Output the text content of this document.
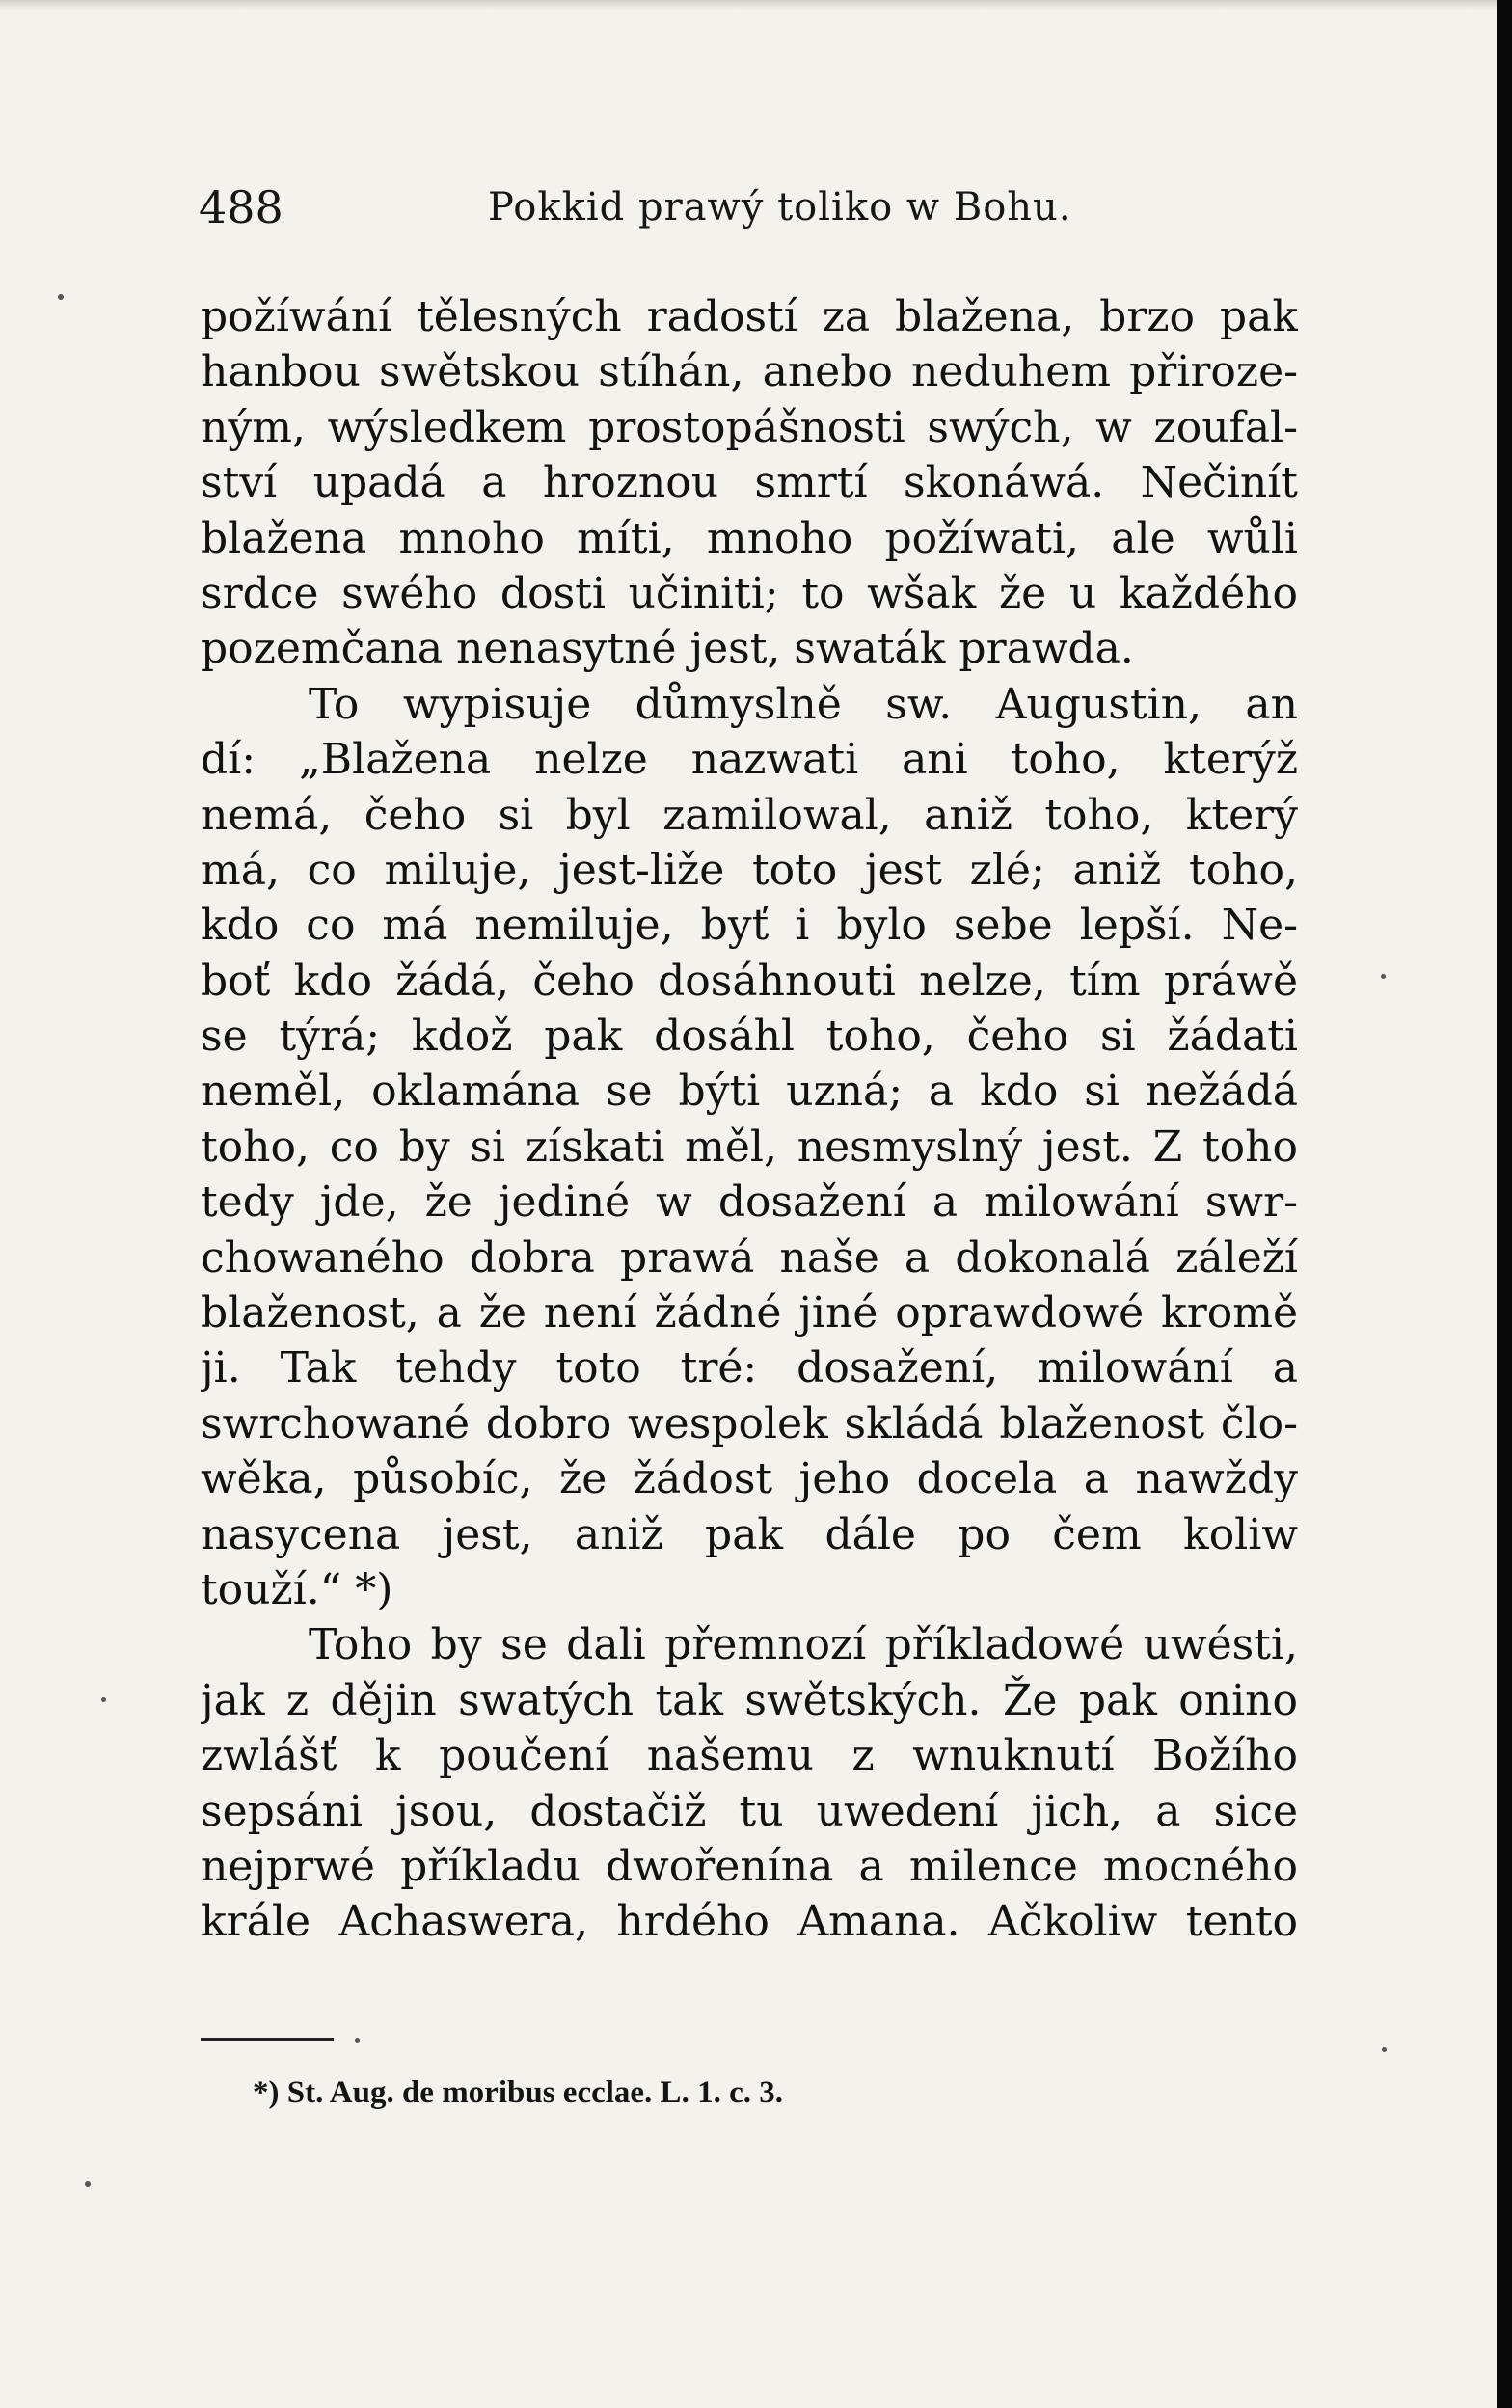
488	Pokkid prawý toliko w Bohu.
požíwání tělesných radostí za blažena, brzo pak
hanbou swětskou stíhán, anebo neduhem přiroze-
ným, wýsledkem prostopášnosti swých, w zoufal-
ství upadá a hroznou smrtí skonáwá. Nečinít
blažena mnoho míti, mnoho požíwati, ale wůli
srdce swého dosti učiniti; to wšak že u každého
pozemčana nenasytné jest, swaták prawda.
To wypisuje důmyslně sw. Augustin, an
dí: „Blažena nelze nazwati ani toho, kterýž
nemá, čeho si byl zamilowal, aniž toho, který
má, co miluje, jest-liže toto jest zlé; aniž toho,
kdo co má nemiluje, byť i bylo sebe lepší. Ne-
boť kdo žádá, čeho dosáhnouti nelze, tím práwě
se týrá; kdož pak dosáhl toho, čeho si žádati
neměl, oklamána se býti uzná; a kdo si nežádá
toho, co by si získati měl, nesmyslný jest. Z toho
tedy jde, že jediné w dosažení a milowání swr-
chowaného dobra prawá naše a dokonalá záleží
blaženost, a že není žádné jiné oprawdowé kromě
ji. Tak tehdy toto tré: dosažení, milowání a
swrchowané dobro wespolek skládá blaženost člo-
wěka, působíc, že žádost jeho docela a nawždy
nasycena jest, aniž pak dále po čem koliw
touží.“ *)
Toho by se dali přemnozí příkladowé uwésti,
jak z dějin swatých tak swětských. Že pak onino
zwlášť k poučení našemu z wnuknutí Božího
sepsáni jsou, dostačiž tu uwedení jich, a sice
nejprwé příkladu dwořenína a milence mocného
krále Achaswera, hrdého Amana. Ačkoliw tento
*) St. Aug. de moribus ecclae. L. 1. c. 3.
